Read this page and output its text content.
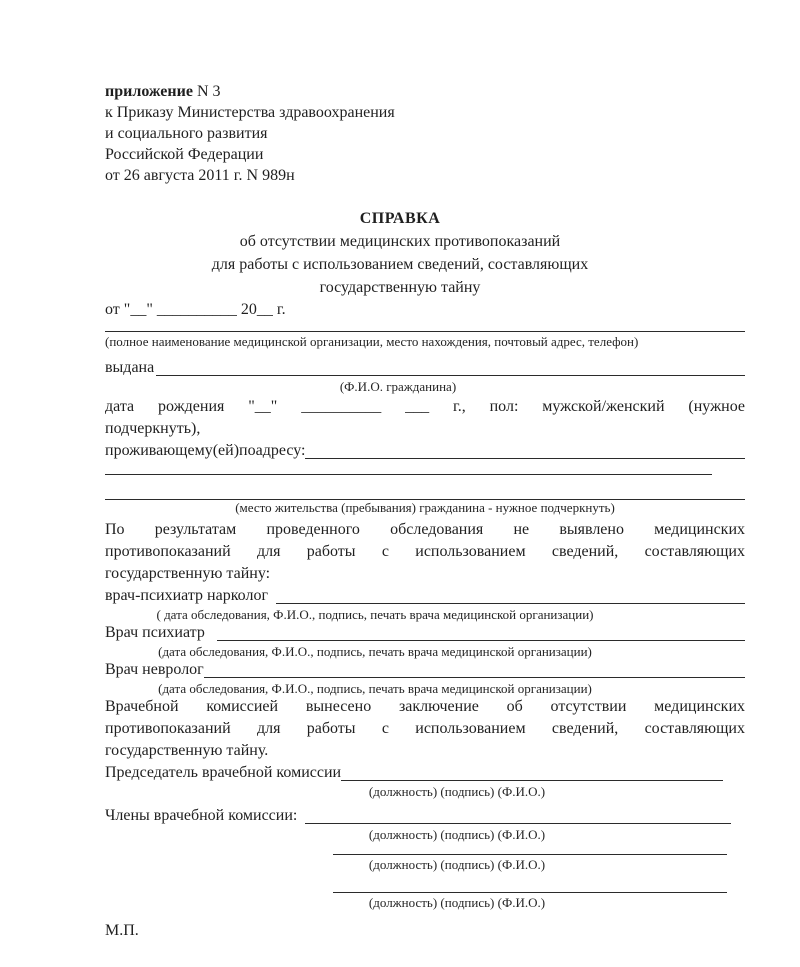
приложение N 3
к Приказу Министерства здравоохранения
и социального развития
Российской Федерации
от 26 августа 2011 г. N 989н
СПРАВКА
об отсутствии медицинских противопоказаний
для работы с использованием сведений, составляющих
государственную тайну
от "__" __________ 20__ г.
(полное наименование медицинской организации, место нахождения, почтовый адрес, телефон)
выдана
(Ф.И.О. гражданина)
дата рождения "__" __________ ___ г., пол: мужской/женский (нужное
подчеркнуть),
проживающему(ей)поадресу:
(место жительства (пребывания) гражданина - нужное подчеркнуть)
По результатам проведенного обследования не выявлено медицинских
противопоказаний для работы с использованием сведений, составляющих
государственную тайну:
врач-психиатр нарколог
( дата обследования, Ф.И.О., подпись, печать врача медицинской организации)
Врач психиатр
(дата обследования, Ф.И.О., подпись, печать врача медицинской организации)
Врач невролог
(дата обследования, Ф.И.О., подпись, печать врача медицинской организации)
Врачебной комиссией вынесено заключение об отсутствии медицинских
противопоказаний для работы с использованием сведений, составляющих
государственную тайну.
Председатель врачебной комиссии
(должность) (подпись) (Ф.И.О.)
Члены врачебной комиссии:
(должность) (подпись) (Ф.И.О.)
(должность) (подпись) (Ф.И.О.)
(должность) (подпись) (Ф.И.О.)
М.П.
